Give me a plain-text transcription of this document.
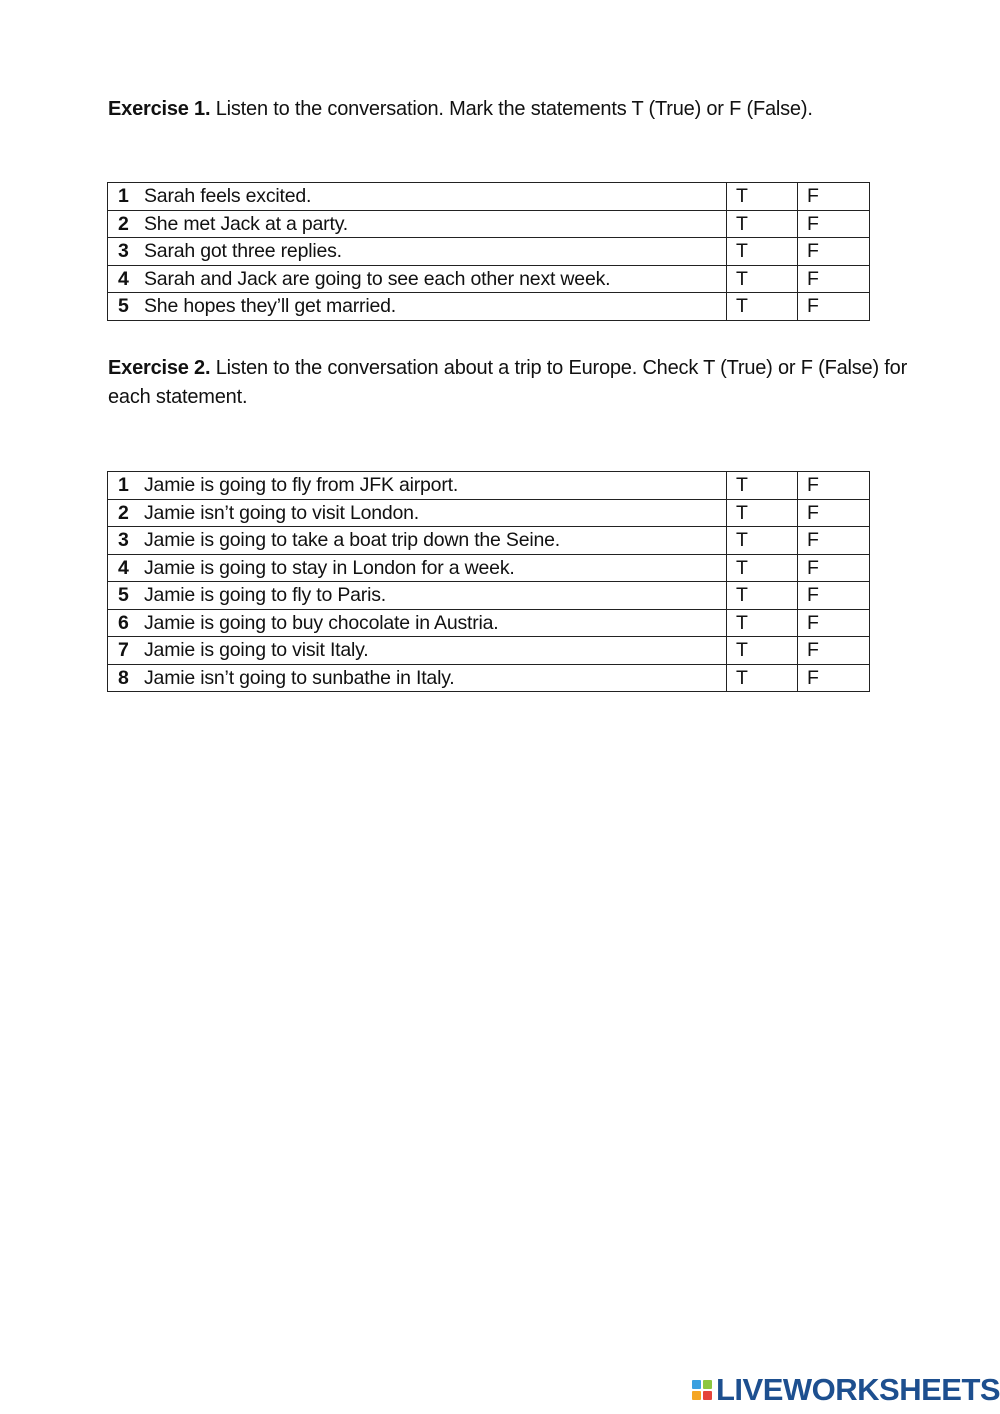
Exercise 1. Listen to the conversation. Mark the statements T (True) or F (False).

1 Sarah feels excited.	T	F
2 She met Jack at a party.	T	F
3 Sarah got three replies.	T	F
4 Sarah and Jack are going to see each other next week.	T	F
5 She hopes they’ll get married.	T	F

Exercise 2. Listen to the conversation about a trip to Europe. Check T (True) or F (False) for each statement.

1 Jamie is going to fly from JFK airport.	T	F
2 Jamie isn’t going to visit London.	T	F
3 Jamie is going to take a boat trip down the Seine.	T	F
4 Jamie is going to stay in London for a week.	T	F
5 Jamie is going to fly to Paris.	T	F
6 Jamie is going to buy chocolate in Austria.	T	F
7 Jamie is going to visit Italy.	T	F
8 Jamie isn’t going to sunbathe in Italy.	T	F
LIVEWORKSHEETS
